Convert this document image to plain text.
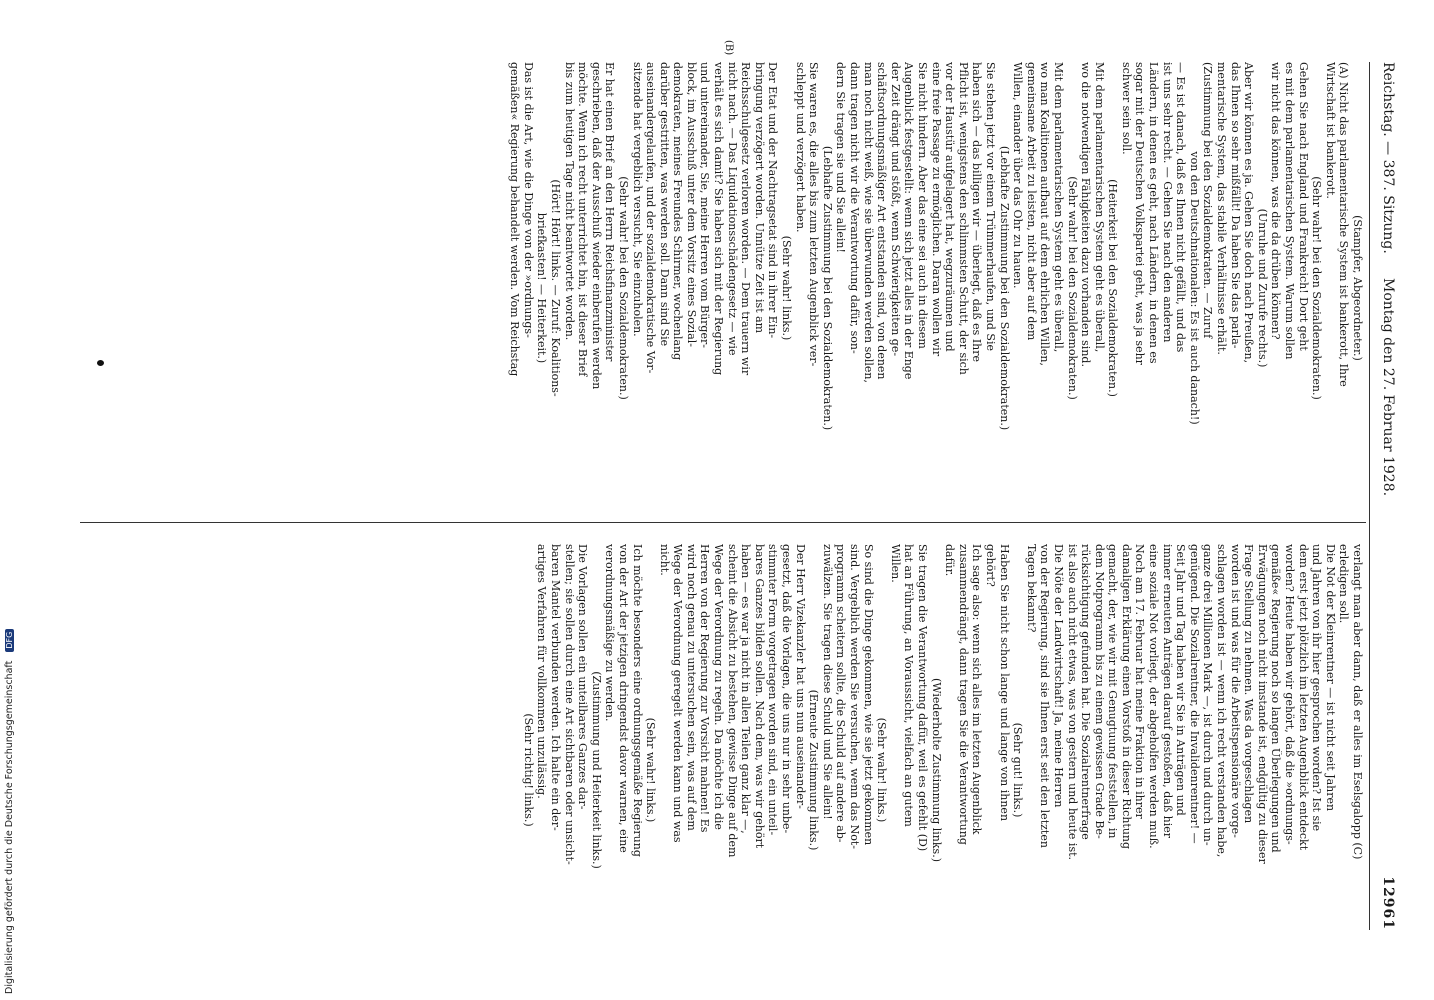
Reichstag. — 387. Sitzung.
Montag den 27. Februar 1928.
12961
(B)
(Stampfer, Abgeordneter.)
(A) Nicht das parlamentarische System ist bankerott, Ihre
Wirtschaft ist bankerott.
(Sehr wahr! bei den Sozialdemokraten.)
Gehen Sie nach England und Frankreich! Dort geht
es mit dem parlamentarischen System. Warum sollen
wir nicht das können, was die da drüben können?
(Unruhe und Zurufe rechts.)
Aber wir können es ja. Gehen Sie doch nach Preußen,
das Ihnen so sehr mißfällt! Da haben Sie das parla-
mentarische System, das stabile Verhältnisse erhält.
(Zustimmung bei den Sozialdemokraten. — Zuruf
von den Deutschnationalen: Es ist auch danach!)
— Es ist danach, daß es Ihnen nicht gefällt, und das
ist uns sehr recht. — Gehen Sie nach den anderen
Ländern, in denen es geht, nach Ländern, in denen es
sogar mit der Deutschen Volkspartei geht, was ja sehr
schwer sein soll.
(Heiterkeit bei den Sozialdemokraten.)
Mit dem parlamentarischen System geht es überall,
wo die notwendigen Fähigkeiten dazu vorhanden sind.
(Sehr wahr! bei den Sozialdemokraten.)
Mit dem parlamentarischen System geht es überall,
wo man Koalitionen aufbaut auf dem ehrlichen Willen,
gemeinsame Arbeit zu leisten, nicht aber auf dem
Willen, einander über das Ohr zu hauen.
(Lebhafte Zustimmung bei den Sozialdemokraten.)
Sie stehen jetzt vor einem Trümmerhaufen, und Sie
haben sich — das billigen wir — überlegt, daß es Ihre
Pflicht ist, wenigstens den schlimmsten Schutt, der sich
vor der Haustür aufgelagert hat, wegzuräumen und
eine freie Passage zu ermöglichen. Daran wollen wir
Sie nicht hindern. Aber das eine sei auch in diesem
Augenblick festgestellt: wenn sich jetzt alles in der Enge
der Zeit drängt und stößt, wenn Schwierigkeiten ge-
schäftsordnungsmäßiger Art entstanden sind, von denen
man noch nicht weiß, wie sie überwunden werden sollen,
dann tragen nicht wir die Verantwortung dafür, son-
dern Sie tragen sie und Sie allein!
(Lebhafte Zustimmung bei den Sozialdemokraten.)
Sie waren es, die alles bis zum letzten Augenblick ver-
schleppt und verzögert haben.
(Sehr wahr! links.)
Der Etat und der Nachtragsetat sind in ihrer Ein-
bringung verzögert worden. Unnütze Zeit ist am
Reichsschulgesetz verloren worden. — Dem trauern wir
nicht nach. — Das Liquidationsschädengesetz — wie
verhält es sich damit? Sie haben sich mit der Regierung
und untereinander, Sie, meine Herren vom Bürger-
block, im Ausschuß unter dem Vorsitz eines Sozial-
demokraten, meines Freundes Schirmer, wochenlang
darüber gestritten, was werden soll. Dann sind Sie
auseinandergelaufen, und der sozialdemokratische Vor-
sitzende hat vergeblich versucht, Sie einzuholen.
(Sehr wahr! bei den Sozialdemokraten.)
Er hat einen Brief an den Herrn Reichsfinanzminister
geschrieben, daß der Ausschuß wieder einberufen werden
möchte. Wenn ich recht unterrichtet bin, ist dieser Brief
bis zum heutigen Tage nicht beantwortet worden.
(Hört! Hört! links. — Zuruf: Koalitions-
briefkasten! — Heiterkeit.)
Das ist die Art, wie die Dinge von der »ordnungs-
gemäßen« Regierung behandelt werden. Vom Reichstag
verlangt man aber dann, daß er alles im Eselsgalopp (C)
erledigen soll.
Die Not der Kleinrentner — ist nicht seit Jahren
und Jahren von ihr hier gesprochen worden? Ist sie
dem erst jetzt plötzlich im letzten Augenblick entdeckt
worden? Heute haben wir gehört, daß die »ordnungs-
gemäße« Regierung noch so langen Überlegungen und
Erwägungen noch nicht imstande ist, endgültig zu dieser
Frage Stellung zu nehmen. Was da vorgeschlagen
worden ist und was für die Arbeitspensionäre vorge-
schlagen worden ist — wenn ich recht verstanden habe,
ganze drei Millionen Mark —, ist durch und durch un-
genügend. Die Sozialrentner, die Invalidenrentner! —
Seit Jahr und Tag haben wir Sie in Anträgen und
immer erneuten Anträgen darauf gestoßen, daß hier
eine soziale Not vorliegt, der abgeholfen werden muß.
Noch am 17. Februar hat meine Fraktion in ihrer
damaligen Erklärung einen Vorstoß in dieser Richtung
gemacht, der, wie wir mit Genugtuung feststellen, in
dem Notprogramm bis zu einem gewissen Grade Be-
rücksichtigung gefunden hat. Die Sozialrentnerfrage
ist also auch nicht etwas, was von gestern und heute ist.
Die Nöte der Landwirtschaft! Ja, meine Herren
von der Regierung, sind sie Ihnen erst seit den letzten
Tagen bekannt?
(Sehr gut! links.)
Haben Sie nicht schon lange und lange von ihnen
gehört?
Ich sage also: wenn sich alles im letzten Augenblick
zusammendrängt, dann tragen Sie die Verantwortung
dafür.
(Wiederholte Zustimmung links.)
Sie tragen die Verantwortung dafür, weil es gefehlt (D)
hat an Führung, an Voraussicht, vielfach an gutem
Willen.
(Sehr wahr! links.)
So sind die Dinge gekommen, wie sie jetzt gekommen
sind. Vergeblich werden Sie versuchen, wenn das Not-
programm scheitern sollte, die Schuld auf andere ab-
zuwälzen. Sie tragen diese Schuld und Sie allein!
(Erneute Zustimmung links.)
Der Herr Vizekanzler hat uns nun auseinander-
gesetzt, daß die Vorlagen, die uns nur in sehr unbe-
stimmter Form vorgetragen worden sind, ein unteil-
bares Ganzes bilden sollen. Nach dem, was wir gehört
haben — es war ja nicht in allen Teilen ganz klar —,
scheint die Absicht zu bestehen, gewisse Dinge auf dem
Wege der Verordnung zu regeln. Da möchte ich die
Herren von der Regierung zur Vorsicht mahnen! Es
wird noch genau zu untersuchen sein, was auf dem
Wege der Verordnung geregelt werden kann und was
nicht.
(Sehr wahr! links.)
Ich möchte besonders eine ordnungsgemäße Regierung
von der Art der jetzigen dringendst davor warnen, eine
verordnungsmäßige zu werden.
(Zustimmung und Heiterkeit links.)
Die Vorlagen sollen ein unteilbares Ganzes dar-
stellen; sie sollen durch eine Art sichtbaren oder unsicht-
baren Mantel verbunden werden. Ich halte ein der-
artiges Verfahren für vollkommen unzulässig.
(Sehr richtig! links.)
Digitalisierung gefördert durch die Deutsche Forschungsgemeinschaft DFG
